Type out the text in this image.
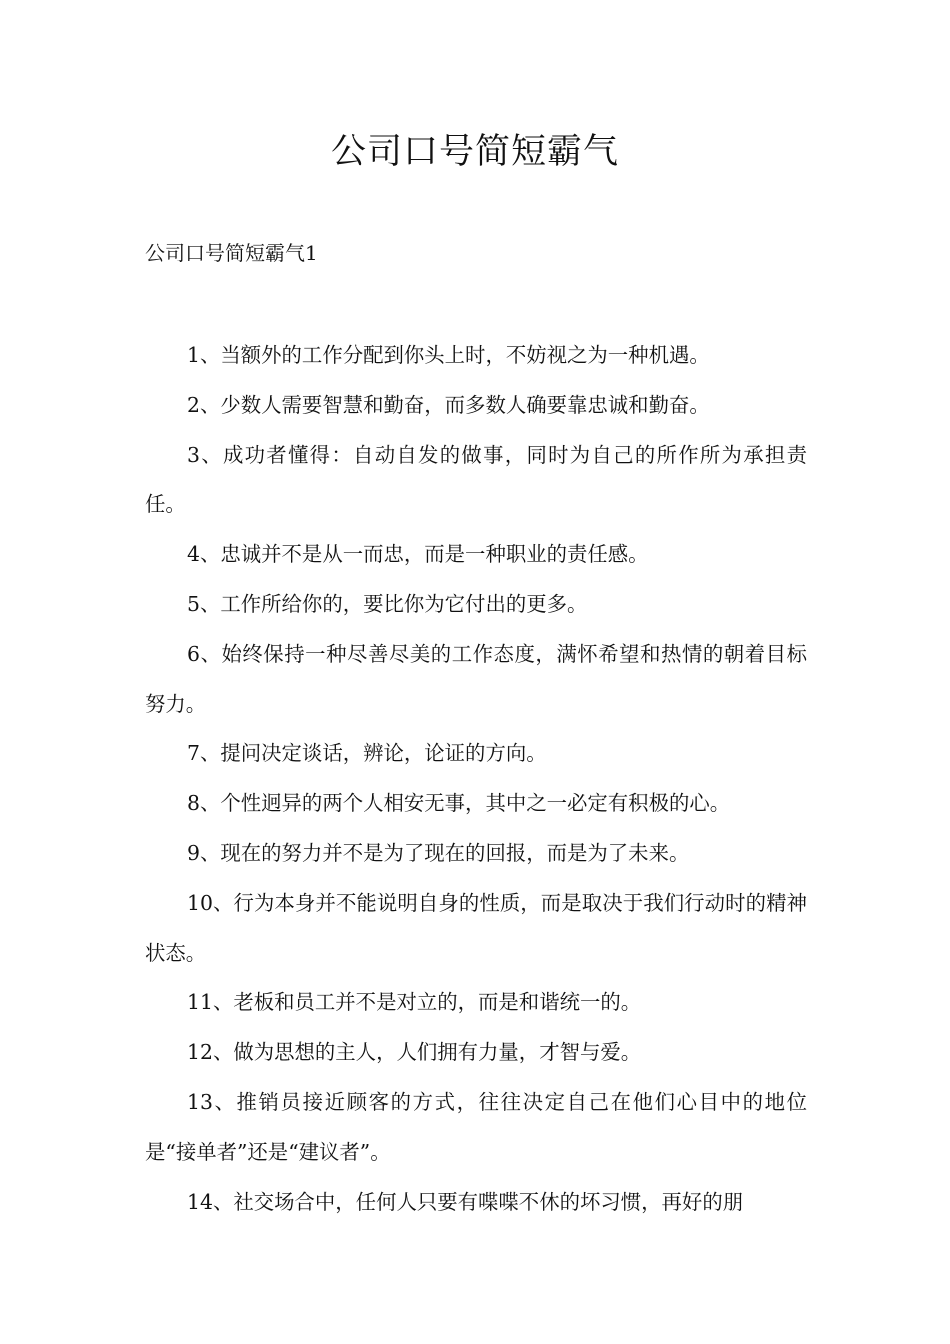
公司口号简短霸气
公司口号简短霸气1

1、当额外的工作分配到你头上时，不妨视之为一种机遇。

2、少数人需要智慧和勤奋，而多数人确要靠忠诚和勤奋。

3、成功者懂得：自动自发的做事，同时为自己的所作所为承担责任。

4、忠诚并不是从一而忠，而是一种职业的责任感。

5、工作所给你的，要比你为它付出的更多。

6、始终保持一种尽善尽美的工作态度，满怀希望和热情的朝着目标努力。

7、提问决定谈话，辨论，论证的方向。

8、个性迥异的两个人相安无事，其中之一必定有积极的心。

9、现在的努力并不是为了现在的回报，而是为了未来。

10、行为本身并不能说明自身的性质，而是取决于我们行动时的精神状态。

11、老板和员工并不是对立的，而是和谐统一的。

12、做为思想的主人，人们拥有力量，才智与爱。

13、推销员接近顾客的方式，往往决定自己在他们心目中的地位是“接单者”还是“建议者”。

14、社交场合中，任何人只要有喋喋不休的坏习惯，再好的朋
